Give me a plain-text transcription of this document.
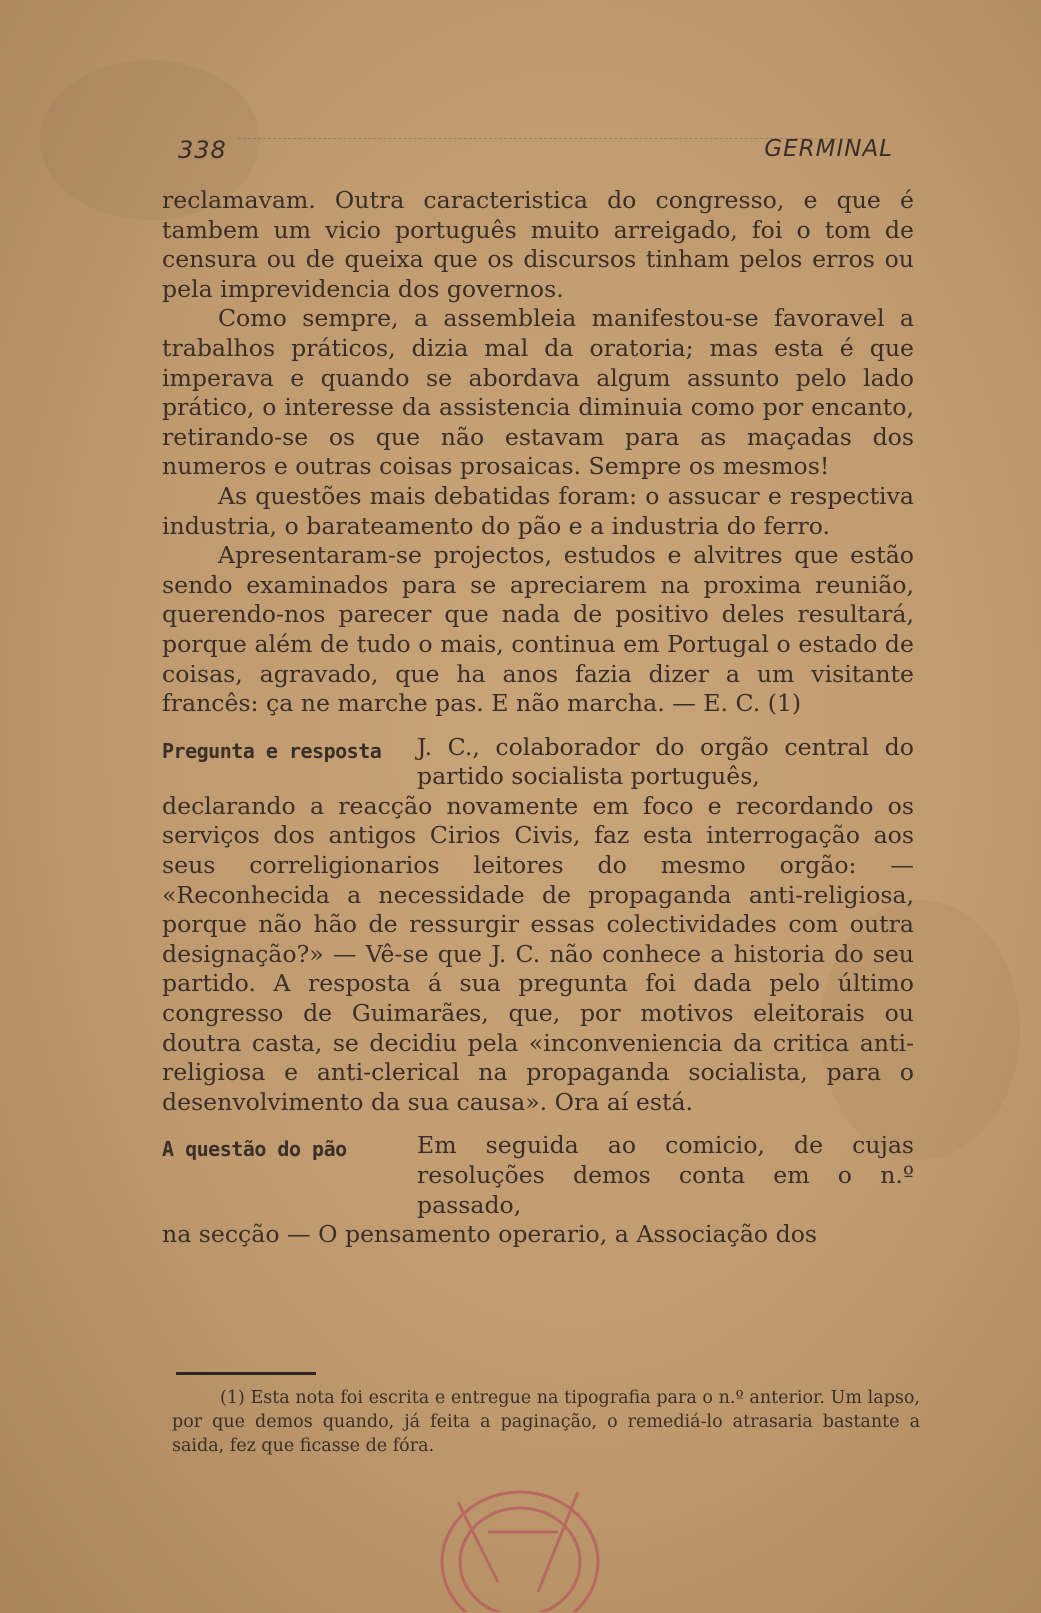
338	GERMINAL

reclamavam. Outra caracteristica do congresso, e que é tambem um vicio português muito arreigado, foi o tom de censura ou de queixa que os discursos tinham pelos erros ou pela imprevidencia dos governos.

Como sempre, a assembleia manifestou-se favoravel a trabalhos práticos, dizia mal da oratoria; mas esta é que imperava e quando se abordava algum assunto pelo lado prático, o interesse da assistencia diminuia como por encanto, retirando-se os que não estavam para as maçadas dos numeros e outras coisas prosaicas. Sempre os mesmos!

As questões mais debatidas foram: o assucar e respectiva industria, o barateamento do pão e a industria do ferro.

Apresentaram-se projectos, estudos e alvitres que estão sendo examinados para se apreciarem na proxima reunião, querendo-nos parecer que nada de positivo deles resultará, porque além de tudo o mais, continua em Portugal o estado de coisas, agravado, que ha anos fazia dizer a um visitante francês: ça ne marche pas. E não marcha. — E. C. (1)

Pregunta e resposta	J. C., colaborador do orgão central do partido socialista português,

declarando a reacção novamente em foco e recordando os serviços dos antigos Cirios Civis, faz esta interrogação aos seus correligionarios leitores do mesmo orgão: — «Reconhecida a necessidade de propaganda anti-religiosa, porque não hão de ressurgir essas colectividades com outra designação?» — Vê-se que J. C. não conhece a historia do seu partido. A resposta á sua pregunta foi dada pelo último congresso de Guimarães, que, por motivos eleitorais ou doutra casta, se decidiu pela «inconveniencia da critica anti-religiosa e anti-clerical na propaganda socialista, para o desenvolvimento da sua causa». Ora aí está.

A questão do pão	Em seguida ao comicio, de cujas resoluções demos conta em o n.º passado,

na secção — O pensamento operario, a Associação dos

(1) Esta nota foi escrita e entregue na tipografia para o n.º anterior. Um lapso, por que demos quando, já feita a paginação, o remediá-lo atrasaria bastante a saida, fez que ficasse de fóra.
